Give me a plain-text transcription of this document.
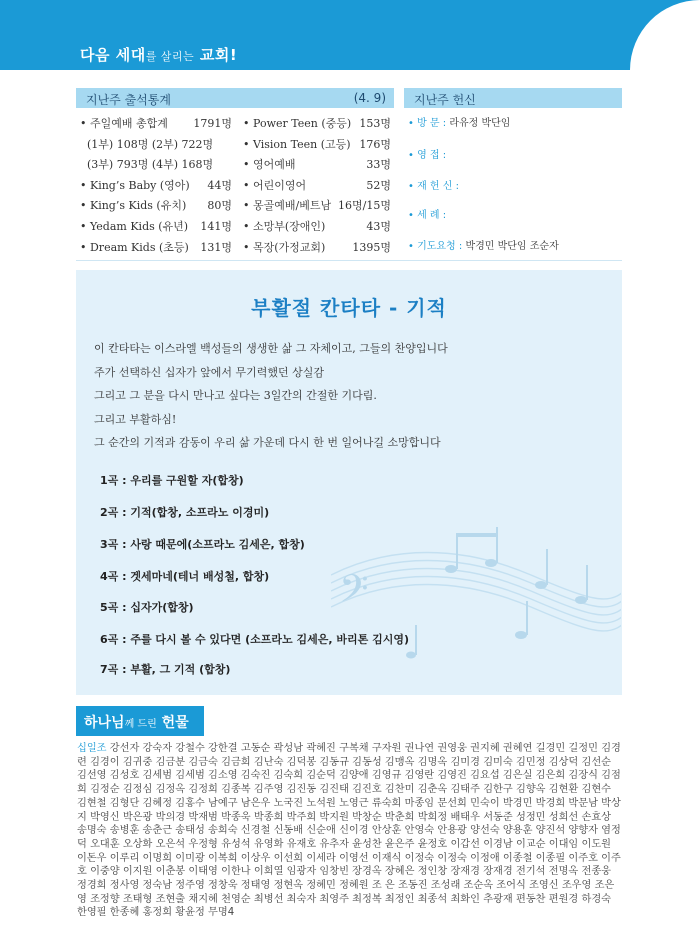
다음 세대를 살리는 교회!
지난주 출석통계	(4. 9)
• 주일예배 총합계 1791명
(1부) 108명 (2부) 722명
(3부) 793명 (4부) 168명
• King’s Baby (영아) 44명
• King’s Kids (유치) 80명
• Yedam Kids (유년) 141명
• Dream Kids (초등) 131명
• Power Teen (중등) 153명
• Vision Teen (고등) 176명
• 영어예배	33명
• 어린이영어	52명
• 몽골예배/베트남 16명/15명
• 소망부(장애인)	43명
• 목장(가정교회) 1395명
지난주 헌신
• 방 문 : 라유정 박단임
• 영 접 :
• 재 헌 신 :
• 세 례 :
• 기도요청 : 박경민 박단임 조순자
𝄢
부활절 칸타타 - 기적
이 칸타타는 이스라엘 백성들의 생생한 삶 그 자체이고, 그들의 찬양입니다
주가 선택하신 십자가 앞에서 무기력했던 상실감
그리고 그 분을 다시 만나고 싶다는 3일간의 간절한 기다림.
그리고 부활하심!
그 순간의 기적과 감동이 우리 삶 가운데 다시 한 번 일어나길 소망합니다
1곡 : 우리를 구원할 자(합창)
2곡 : 기적(합창, 소프라노 이경미)
3곡 : 사랑 때문에(소프라노 김세은, 합창)
4곡 : 겟세마네(테너 배성철, 합창)
5곡 : 십자가(합창)
6곡 : 주를 다시 볼 수 있다면 (소프라노 김세은, 바리톤 김시영)
7곡 : 부활, 그 기적 (합창)
하나님께 드린 헌물
십일조 강선자 강숙자 강철수 강한결 고동순 곽성남 곽혜진 구복채 구자원 권나연 권영웅 권지혜 권혜연 길경민 길정민 김경련 김경이 김귀중 김금분 김금숙 김금희 김난숙 김덕봉 김동규 김동성 김맹옥 김명옥 김미경 김미숙 김민정 김상덕 김선순 김선영 김성호 김세범 김세범 김소영 김숙진 김숙희 김순덕 김양애 김영규 김영란 김영진 김요섭 김은실 김은희 김장식 김점희 김정순 김정심 김정옥 김정희 김종복 김주영 김진동 김진태 김진호 김찬미 김춘옥 김태주 김한구 김향옥 김현환 김현수 김현철 김형단 김혜정 김홍수 남예구 남은우 노국진 노석원 노영근 류숙희 마종임 문선희 민숙이 박경민 박경희 박문남 박상지 박영신 박은광 박의경 박재범 박종욱 박종희 박주희 박지원 박창순 박춘희 박희정 배태우 서동준 성정민 성희선 손효상 송명숙 송병훈 송춘근 송태성 송희숙 신경철 신동배 신순애 신이경 안상훈 안영숙 안용광 양선숙 양용훈 양진석 양향자 염정덕 오대훈 오상화 오은석 우정형 유성석 유영화 유재호 유추자 윤성찬 윤은주 윤정호 이갑선 이경남 이교순 이대임 이도원 이돈우 이루리 이명희 이미광 이복희 이상우 이선희 이세라 이영선 이재식 이정숙 이정숙 이정애 이종철 이종필 이주호 이주호 이중양 이지원 이춘봉 이태영 이한나 이희열 임광자 임창빈 장경옥 장혜은 정인창 장재경 장재경 전기석 전명옥 전종웅 정경희 정사영 정숙남 정주영 정창욱 정태영 정현옥 정혜민 정혜원 조 은 조동진 조성래 조순옥 조어식 조영신 조우영 조은영 조정향 조태형 조현출 채지혜 천영순 최병선 최숙자 최영주 최정복 최정인 최종석 최화인 추광재 편동찬 편원경 하경숙 한영필 한종혜 홍정희 황윤정 무명4
